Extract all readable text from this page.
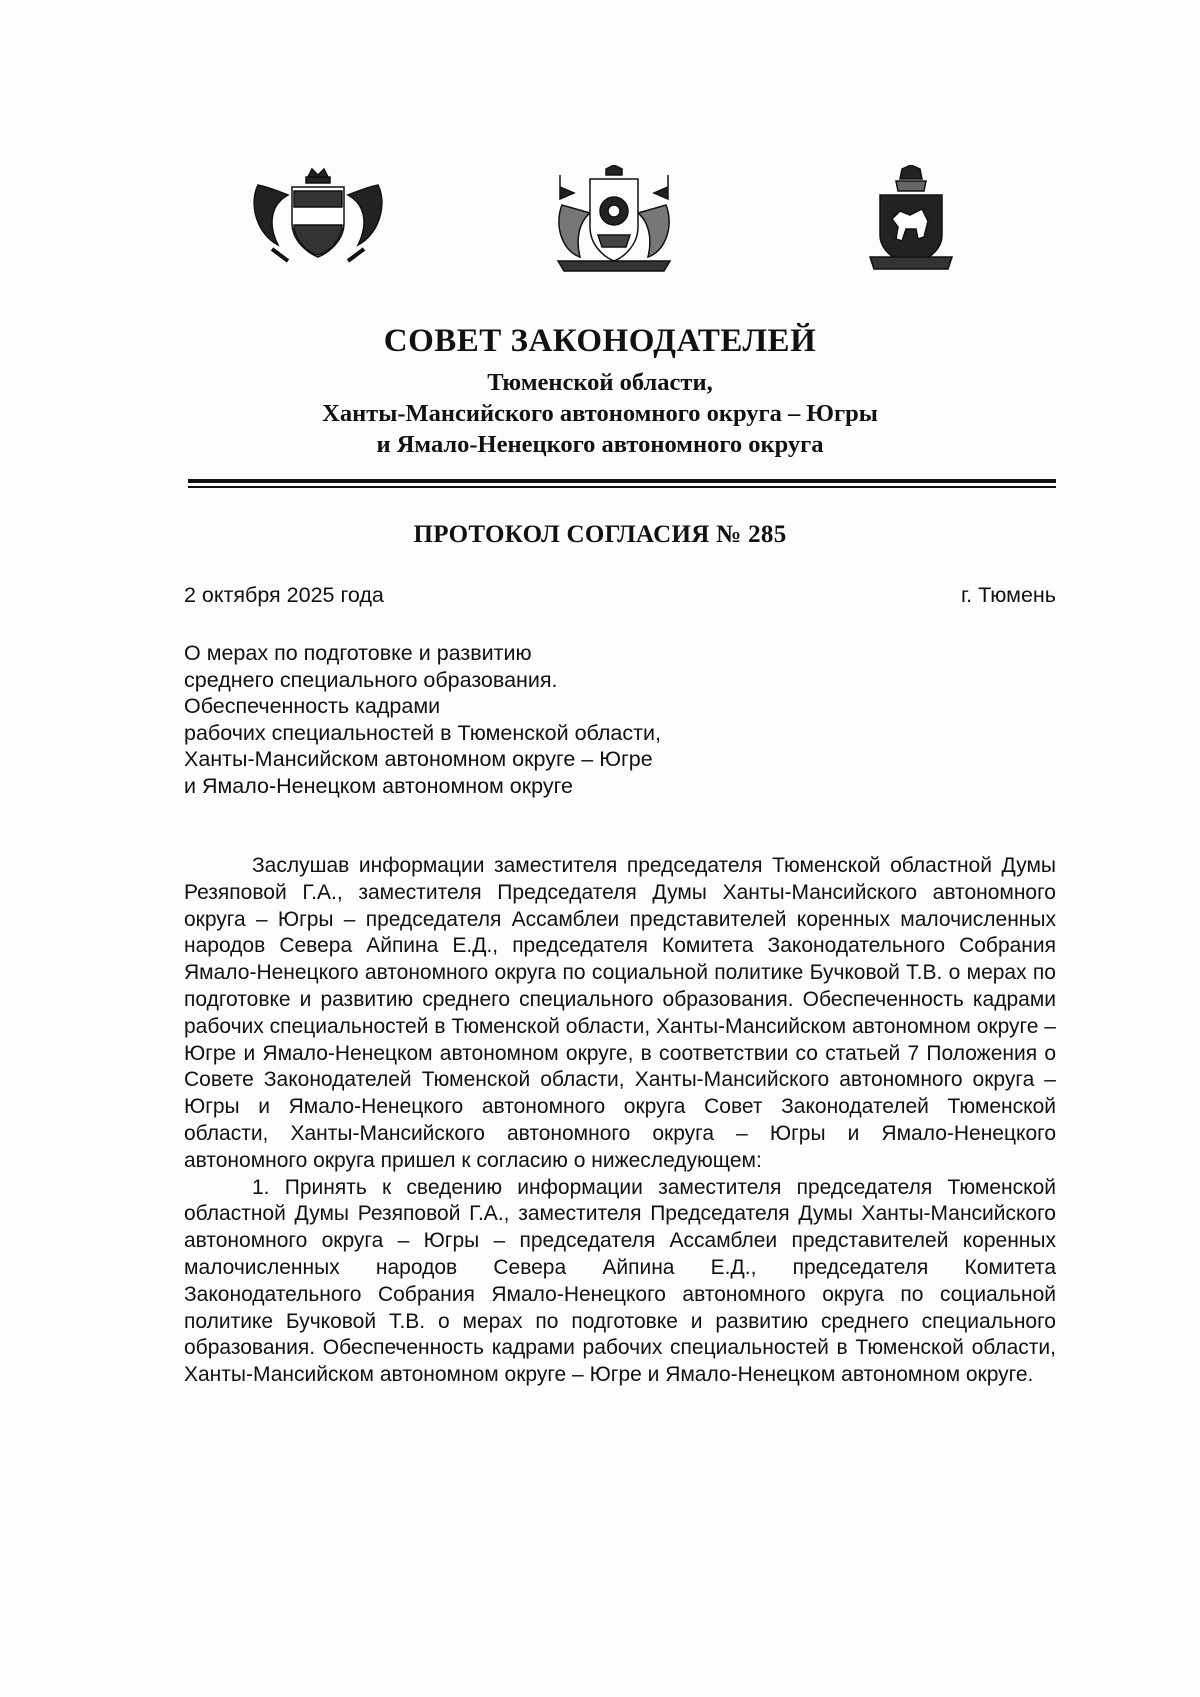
СОВЕТ ЗАКОНОДАТЕЛЕЙ
Тюменской области,
Ханты-Мансийского автономного округа – Югры
и Ямало-Ненецкого автономного округа
ПРОТОКОЛ СОГЛАСИЯ № 285
2 октября 2025 года	г. Тюмень
О мерах по подготовке и развитию
среднего специального образования.
Обеспеченность кадрами
рабочих специальностей в Тюменской области,
Ханты-Мансийском автономном округе – Югре
и Ямало-Ненецком автономном округе

Заслушав информации заместителя председателя Тюменской областной Думы Резяповой Г.А., заместителя Председателя Думы Ханты-Мансийского автономного округа – Югры – председателя Ассамблеи представителей коренных малочисленных народов Севера Айпина Е.Д., председателя Комитета Законодательного Собрания Ямало-Ненецкого автономного округа по социальной политике Бучковой Т.В. о мерах по подготовке и развитию среднего специального образования. Обеспеченность кадрами рабочих специальностей в Тюменской области, Ханты-Мансийском автономном округе – Югре и Ямало-Ненецком автономном округе, в соответствии со статьей 7 Положения о Совете Законодателей Тюменской области, Ханты-Мансийского автономного округа – Югры и Ямало-Ненецкого автономного округа Совет Законодателей Тюменской области, Ханты-Мансийского автономного округа – Югры и Ямало-Ненецкого автономного округа пришел к согласию о нижеследующем:

1. Принять к сведению информации заместителя председателя Тюменской областной Думы Резяповой Г.А., заместителя Председателя Думы Ханты-Мансийского автономного округа – Югры – председателя Ассамблеи представителей коренных малочисленных народов Севера Айпина Е.Д., председателя Комитета Законодательного Собрания Ямало-Ненецкого автономного округа по социальной политике Бучковой Т.В. о мерах по подготовке и развитию среднего специального образования. Обеспеченность кадрами рабочих специальностей в Тюменской области, Ханты-Мансийском автономном округе – Югре и Ямало-Ненецком автономном округе.
